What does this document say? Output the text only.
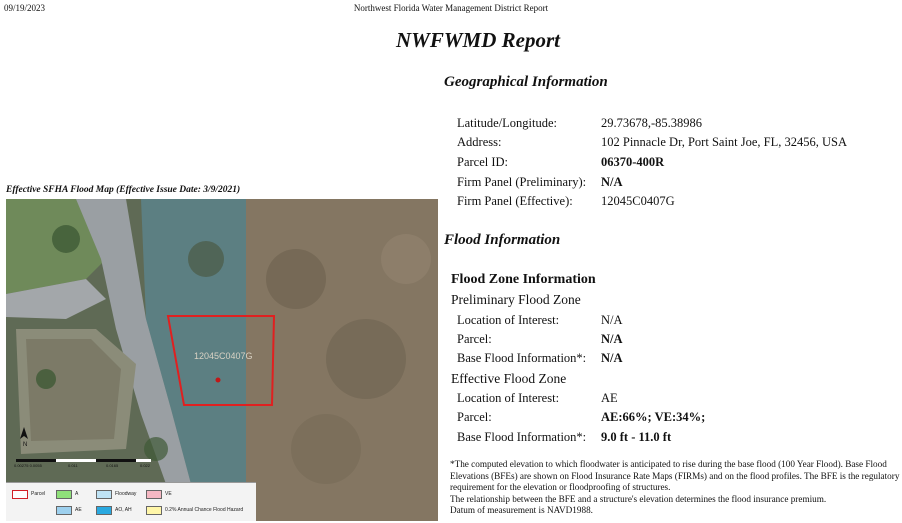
09/19/2023	Northwest Florida Water Management District Report
NWFWMD Report
Geographical Information
Latitude/Longitude:	29.73678,-85.38986
Address:	102 Pinnacle Dr, Port Saint Joe, FL, 32456, USA
Parcel ID:	06370-400R
Firm Panel (Preliminary): N/A
Firm Panel (Effective): 12045C0407G
Flood Information
Flood Zone Information
Preliminary Flood Zone
Location of Interest:	N/A
Parcel:	N/A
Base Flood Information*: N/A
Effective Flood Zone
Location of Interest:	AE
Parcel:	AE:66%; VE:34%;
Base Flood Information*: 9.0 ft - 11.0 ft
*The computed elevation to which floodwater is anticipated to rise during the base flood (100 Year Flood). Base Flood Elevations (BFEs) are shown on Flood Insurance Rate Maps (FIRMs) and on the flood profiles. The BFE is the regulatory requirement for the elevation or floodproofing of structures.
The relationship between the BFE and a structure's elevation determines the flood insurance premium.
Datum of measurement is NAVD1988.
Effective SFHA Flood Map (Effective Issue Date: 3/9/2021)
12045C0407G
N
0.00275 0.0055	0.011	0.0165	0.022
Parcel	A	Floodway	VE
AE	AO, AH	0.2% Annual Chance Flood Hazard
